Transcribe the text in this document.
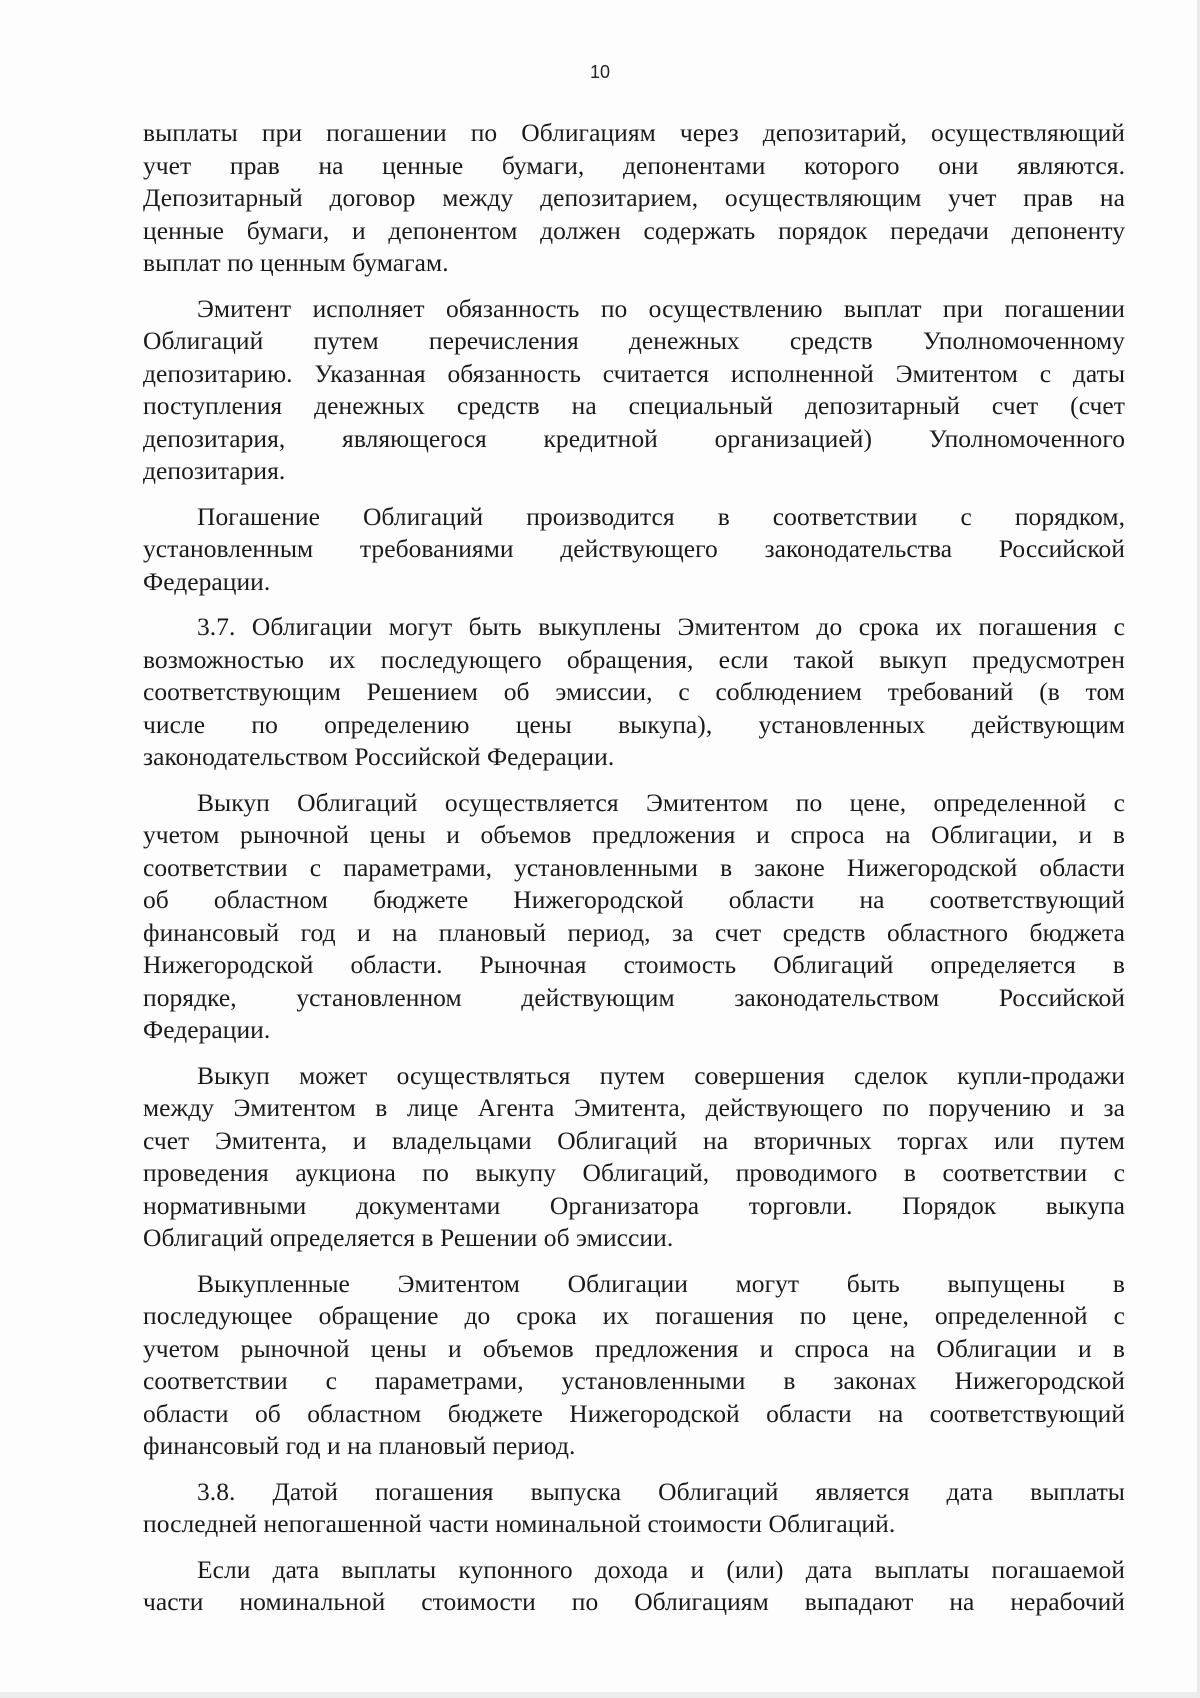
10
выплаты при погашении по Облигациям через депозитарий, осуществляющий
учет прав на ценные бумаги, депонентами которого они являются.
Депозитарный договор между депозитарием, осуществляющим учет прав на
ценные бумаги, и депонентом должен содержать порядок передачи депоненту
выплат по ценным бумагам.
Эмитент исполняет обязанность по осуществлению выплат при погашении
Облигаций путем перечисления денежных средств Уполномоченному
депозитарию. Указанная обязанность считается исполненной Эмитентом с даты
поступления денежных средств на специальный депозитарный счет (счет
депозитария, являющегося кредитной организацией) Уполномоченного
депозитария.
Погашение Облигаций производится в соответствии с порядком,
установленным требованиями действующего законодательства Российской
Федерации.
3.7. Облигации могут быть выкуплены Эмитентом до срока их погашения с
возможностью их последующего обращения, если такой выкуп предусмотрен
соответствующим Решением об эмиссии, с соблюдением требований (в том
числе по определению цены выкупа), установленных действующим
законодательством Российской Федерации.
Выкуп Облигаций осуществляется Эмитентом по цене, определенной с
учетом рыночной цены и объемов предложения и спроса на Облигации, и в
соответствии с параметрами, установленными в законе Нижегородской области
об областном бюджете Нижегородской области на соответствующий
финансовый год и на плановый период, за счет средств областного бюджета
Нижегородской области. Рыночная стоимость Облигаций определяется в
порядке, установленном действующим законодательством Российской
Федерации.
Выкуп может осуществляться путем совершения сделок купли-продажи
между Эмитентом в лице Агента Эмитента, действующего по поручению и за
счет Эмитента, и владельцами Облигаций на вторичных торгах или путем
проведения аукциона по выкупу Облигаций, проводимого в соответствии с
нормативными документами Организатора торговли. Порядок выкупа
Облигаций определяется в Решении об эмиссии.
Выкупленные Эмитентом Облигации могут быть выпущены в
последующее обращение до срока их погашения по цене, определенной с
учетом рыночной цены и объемов предложения и спроса на Облигации и в
соответствии с параметрами, установленными в законах Нижегородской
области об областном бюджете Нижегородской области на соответствующий
финансовый год и на плановый период.
3.8. Датой погашения выпуска Облигаций является дата выплаты
последней непогашенной части номинальной стоимости Облигаций.
Если дата выплаты купонного дохода и (или) дата выплаты погашаемой
части номинальной стоимости по Облигациям выпадают на нерабочий
